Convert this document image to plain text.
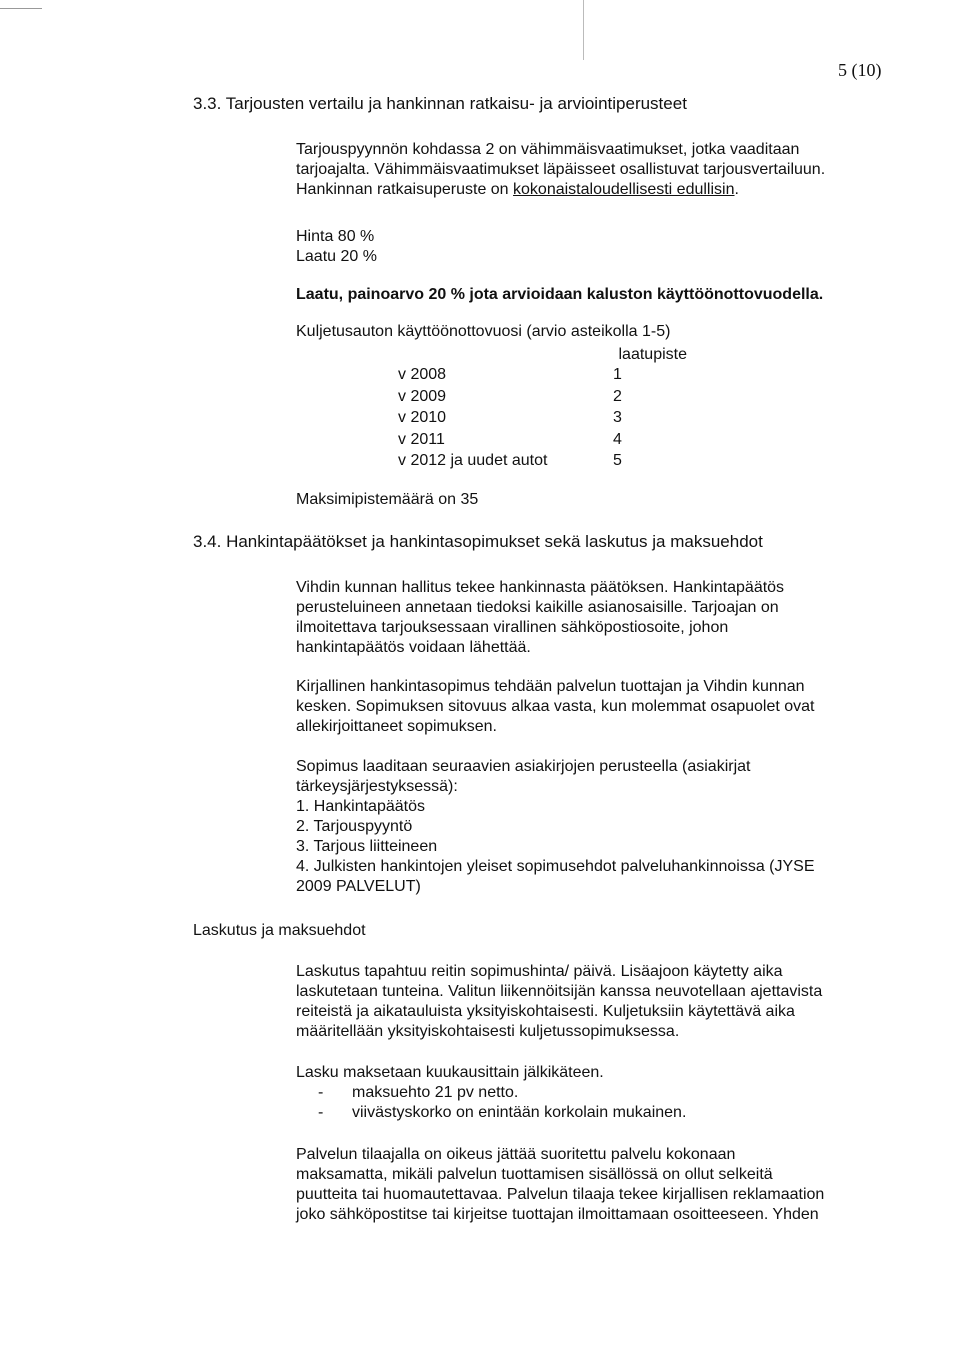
5 (10)
3.3. Tarjousten vertailu ja hankinnan ratkaisu- ja arviointiperusteet

Tarjouspyynnön kohdassa 2 on vähimmäisvaatimukset, jotka vaaditaan

tarjoajalta. Vähimmäisvaatimukset läpäisseet osallistuvat tarjousvertailuun.

Hankinnan ratkaisuperuste on kokonaistaloudellisesti edullisin.

Hinta 80 %

Laatu 20 %

Laatu, painoarvo 20 % jota arvioidaan kaluston käyttöönottovuodella.
Kuljetusauton käyttöönottovuosi (arvio asteikolla 1-5)
laatupiste
v 2008	1
v 2009	2
v 2010	3
v 2011	4
v 2012 ja uudet autot	5
Maksimipistemäärä on 35
3.4. Hankintapäätökset ja hankintasopimukset sekä laskutus ja maksuehdot

Vihdin kunnan hallitus tekee hankinnasta päätöksen. Hankintapäätös

perusteluineen annetaan tiedoksi kaikille asianosaisille. Tarjoajan on

ilmoitettava tarjouksessaan virallinen sähköpostiosoite, johon

hankintapäätös voidaan lähettää.

Kirjallinen hankintasopimus tehdään palvelun tuottajan ja Vihdin kunnan

kesken. Sopimuksen sitovuus alkaa vasta, kun molemmat osapuolet ovat

allekirjoittaneet sopimuksen.

Sopimus laaditaan seuraavien asiakirjojen perusteella (asiakirjat

tärkeysjärjestyksessä):

1. Hankintapäätös

2. Tarjouspyyntö

3. Tarjous liitteineen

4. Julkisten hankintojen yleiset sopimusehdot palveluhankinnoissa (JYSE

2009 PALVELUT)

Laskutus ja maksuehdot

Laskutus tapahtuu reitin sopimushinta/ päivä. Lisäajoon käytetty aika

laskutetaan tunteina. Valitun liikennöitsijän kanssa neuvotellaan ajettavista

reiteistä ja aikatauluista yksityiskohtaisesti. Kuljetuksiin käytettävä aika

määritellään yksityiskohtaisesti kuljetussopimuksessa.

Lasku maksetaan kuukausittain jälkikäteen.

- maksuehto 21 pv netto.
- viivästyskorko on enintään korkolain mukainen.

Palvelun tilaajalla on oikeus jättää suoritettu palvelu kokonaan

maksamatta, mikäli palvelun tuottamisen sisällössä on ollut selkeitä

puutteita tai huomautettavaa. Palvelun tilaaja tekee kirjallisen reklamaation

joko sähköpostitse tai kirjeitse tuottajan ilmoittamaan osoitteeseen. Yhden
